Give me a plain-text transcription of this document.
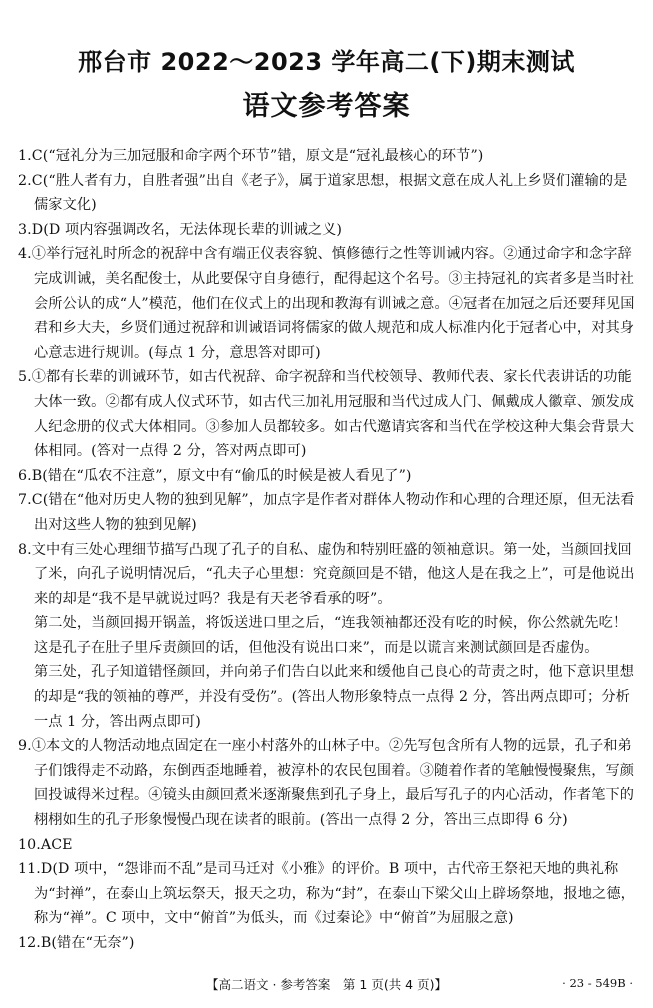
邢台市 2022～2023 学年高二(下)期末测试
语文参考答案

1.C(“冠礼分为三加冠服和命字两个环节”错，原文是“冠礼最核心的环节”)

2.C(“胜人者有力，自胜者强”出自《老子》，属于道家思想，根据文意在成人礼上乡贤们灌输的是儒家文化)

3.D(D 项内容强调改名，无法体现长辈的训诫之义)

4.①举行冠礼时所念的祝辞中含有端正仪表容貌、慎修德行之性等训诫内容。②通过命字和念字辞完成训诫，美名配俊士，从此要保守自身德行，配得起这个名号。③主持冠礼的宾者多是当时社会所公认的成“人”模范，他们在仪式上的出现和教海有训诫之意。④冠者在加冠之后还要拜见国君和乡大夫，乡贤们通过祝辞和训诫语词将儒家的做人规范和成人标准内化于冠者心中，对其身心意志进行规训。(每点 1 分，意思答对即可)

5.①都有长辈的训诫环节，如古代祝辞、命字祝辞和当代校领导、教师代表、家长代表讲话的功能大体一致。②都有成人仪式环节，如古代三加礼用冠服和当代过成人门、佩戴成人徽章、颁发成人纪念册的仪式大体相同。③参加人员都较多。如古代邀请宾客和当代在学校这种大集会背景大体相同。(答对一点得 2 分，答对两点即可)

6.B(错在“瓜农不注意”，原文中有“偷瓜的时候是被人看见了”)

7.C(错在“他对历史人物的独到见解”，加点字是作者对群体人物动作和心理的合理还原，但无法看出对这些人物的独到见解)

8.文中有三处心理细节描写凸现了孔子的自私、虚伪和特别旺盛的领袖意识。第一处，当颜回找回了米，向孔子说明情况后，“孔夫子心里想：究竟颜回是不错，他这人是在我之上”，可是他说出来的却是“我不是早就说过吗？我是有天老爷看承的呀”。

第二处，当颜回揭开锅盖，将饭送进口里之后，“连我领袖都还没有吃的时候，你公然就先吃！这是孔子在肚子里斥责颜回的话，但他没有说出口来”，而是以谎言来测试颜回是否虚伪。

第三处，孔子知道错怪颜回，并向弟子们告白以此来和缓他自己良心的苛责之时，他下意识里想的却是“我的领袖的尊严，并没有受伤”。(答出人物形象特点一点得 2 分，答出两点即可；分析一点 1 分，答出两点即可)

9.①本文的人物活动地点固定在一座小村落外的山林子中。②先写包含所有人物的远景，孔子和弟子们饿得走不动路，东倒西歪地睡着，被淳朴的农民包围着。③随着作者的笔触慢慢聚焦，写颜回投诚得米过程。④镜头由颜回煮米逐渐聚焦到孔子身上，最后写孔子的内心活动，作者笔下的栩栩如生的孔子形象慢慢凸现在读者的眼前。(答出一点得 2 分，答出三点即得 6 分)

10.ACE

11.D(D 项中，“怨诽而不乱”是司马迁对《小雅》的评价。B 项中，古代帝王祭祀天地的典礼称为“封禅”，在泰山上筑坛祭天，报天之功，称为“封”，在泰山下梁父山上辟场祭地，报地之德，称为“禅”。C 项中，文中“俯首”为低头，而《过秦论》中“俯首”为屈服之意)

12.B(错在“无奈”)

【高二语文 · 参考答案　第 1 页(共 4 页)】	· 23 - 549B ·
